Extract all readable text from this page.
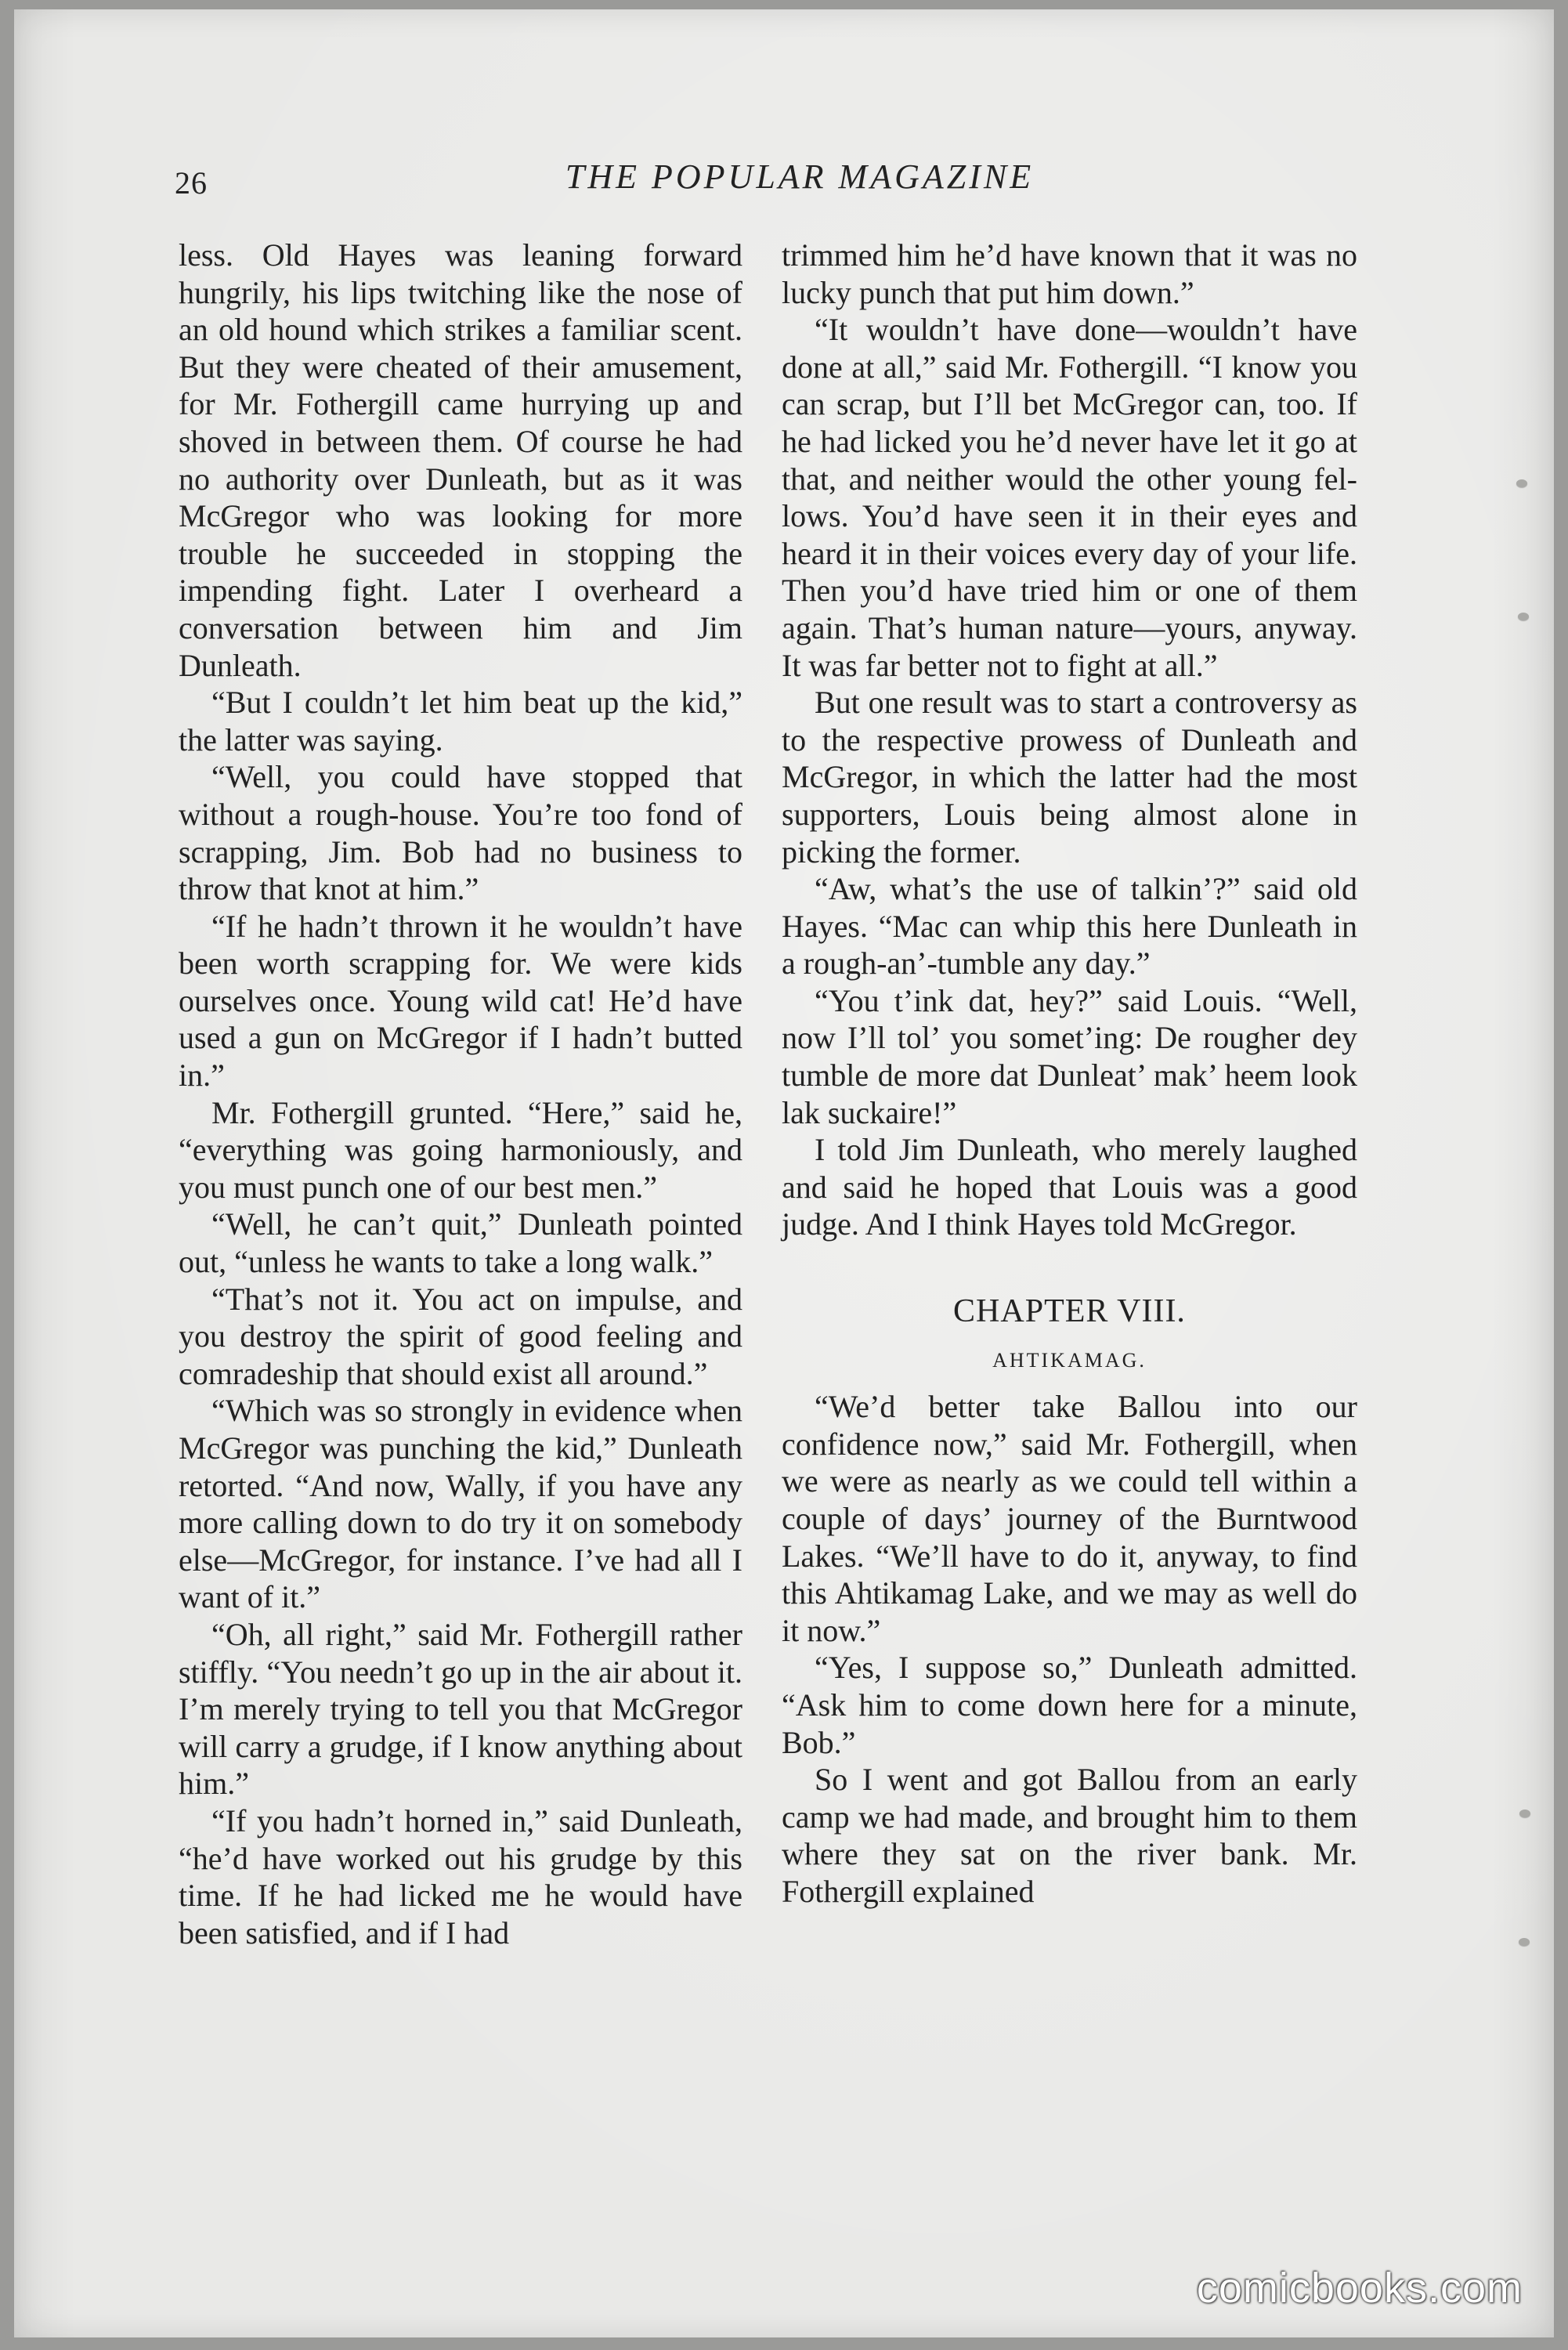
26	THE POPULAR MAGAZINE

less. Old Hayes was leaning forward hungrily, his lips twitching like the nose of an old hound which strikes a familiar scent. But they were cheated of their amusement, for Mr. Fothergill came hurrying up and shoved in between them. Of course he had no authority over Dunleath, but as it was McGregor who was looking for more trouble he succeeded in stopping the impending fight. Later I overheard a conversation between him and Jim Dunleath.

“But I couldn’t let him beat up the kid,” the latter was saying.

“Well, you could have stopped that without a rough-house. You’re too fond of scrapping, Jim. Bob had no business to throw that knot at him.”

“If he hadn’t thrown it he wouldn’t have been worth scrapping for. We were kids ourselves once. Young wild cat! He’d have used a gun on McGregor if I hadn’t butted in.”

Mr. Fothergill grunted. “Here,” said he, “everything was going harmoniously, and you must punch one of our best men.”

“Well, he can’t quit,” Dunleath pointed out, “unless he wants to take a long walk.”

“That’s not it. You act on impulse, and you destroy the spirit of good feeling and comradeship that should exist all around.”

“Which was so strongly in evidence when McGregor was punching the kid,” Dunleath retorted. “And now, Wally, if you have any more calling down to do try it on somebody else—McGregor, for instance. I’ve had all I want of it.”

“Oh, all right,” said Mr. Fothergill rather stiffly. “You needn’t go up in the air about it. I’m merely trying to tell you that McGregor will carry a grudge, if I know anything about him.”

“If you hadn’t horned in,” said Dunleath, “he’d have worked out his grudge by this time. If he had licked me he would have been satisfied, and if I had

trimmed him he’d have known that it was no lucky punch that put him down.”

“It wouldn’t have done—wouldn’t have done at all,” said Mr. Fothergill. “I know you can scrap, but I’ll bet McGregor can, too. If he had licked you he’d never have let it go at that, and neither would the other young fellows. You’d have seen it in their eyes and heard it in their voices every day of your life. Then you’d have tried him or one of them again. That’s human nature—yours, anyway. It was far better not to fight at all.”

But one result was to start a controversy as to the respective prowess of Dunleath and McGregor, in which the latter had the most supporters, Louis being almost alone in picking the former.

“Aw, what’s the use of talkin’?” said old Hayes. “Mac can whip this here Dunleath in a rough-an’-tumble any day.”

“You t’ink dat, hey?” said Louis. “Well, now I’ll tol’ you somet’ing: De rougher dey tumble de more dat Dunleat’ mak’ heem look lak suckaire!”

I told Jim Dunleath, who merely laughed and said he hoped that Louis was a good judge. And I think Hayes told McGregor.

CHAPTER VIII.
AHTIKAMAG.

“We’d better take Ballou into our confidence now,” said Mr. Fothergill, when we were as nearly as we could tell within a couple of days’ journey of the Burntwood Lakes. “We’ll have to do it, anyway, to find this Ahtikamag Lake, and we may as well do it now.”

“Yes, I suppose so,” Dunleath admitted. “Ask him to come down here for a minute, Bob.”

So I went and got Ballou from an early camp we had made, and brought him to them where they sat on the river bank. Mr. Fothergill explained

comicbooks.com
